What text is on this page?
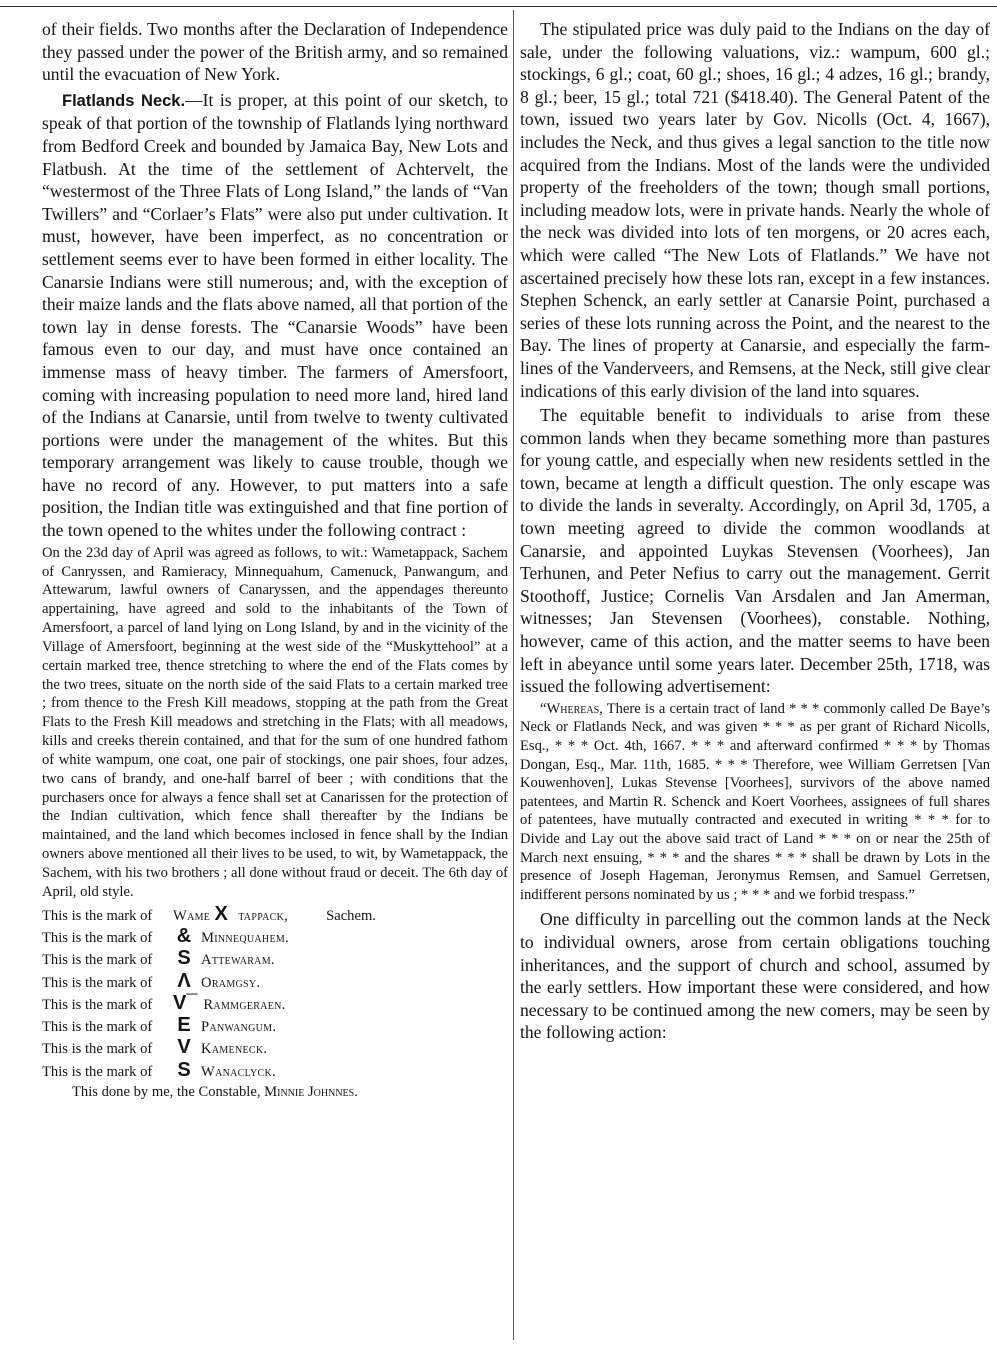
of their fields. Two months after the Declaration of Independence they passed under the power of the British army, and so remained until the evacuation of New York.

Flatlands Neck.—It is proper, at this point of our sketch, to speak of that portion of the township of Flatlands lying northward from Bedford Creek and bounded by Jamaica Bay, New Lots and Flatbush. At the time of the settlement of Achtervelt, the “westermost of the Three Flats of Long Island,” the lands of “Van Twillers” and “Corlaer’s Flats” were also put under cultivation. It must, however, have been imperfect, as no concentration or settlement seems ever to have been formed in either locality. The Canarsie Indians were still numerous; and, with the exception of their maize lands and the flats above named, all that portion of the town lay in dense forests. The “Canarsie Woods” have been famous even to our day, and must have once contained an immense mass of heavy timber. The farmers of Amersfoort, coming with increasing population to need more land, hired land of the Indians at Canarsie, until from twelve to twenty cultivated portions were under the management of the whites. But this temporary arrangement was likely to cause trouble, though we have no record of any. However, to put matters into a safe position, the Indian title was extinguished and that fine portion of the town opened to the whites under the following contract :

On the 23d day of April was agreed as follows, to wit.: Wametappack, Sachem of Canryssen, and Ramieracy, Minnequahum, Camenuck, Panwangum, and Attewarum, lawful owners of Canaryssen, and the appendages thereunto appertaining, have agreed and sold to the inhabitants of the Town of Amersfoort, a parcel of land lying on Long Island, by and in the vicinity of the Village of Amersfoort, beginning at the west side of the “Muskyttehool” at a certain marked tree, thence stretching to where the end of the Flats comes by the two trees, situate on the north side of the said Flats to a certain marked tree ; from thence to the Fresh Kill meadows, stopping at the path from the Great Flats to the Fresh Kill meadows and stretching in the Flats; with all meadows, kills and creeks therein contained, and that for the sum of one hundred fathom of white wampum, one coat, one pair of stockings, one pair shoes, four adzes, two cans of brandy, and one-half barrel of beer ; with conditions that the purchasers once for always a fence shall set at Canarissen for the protection of the Indian cultivation, which fence shall thereafter by the Indians be maintained, and the land which becomes inclosed in fence shall by the Indian owners above mentioned all their lives to be used, to wit, by Wametappack, the Sachem, with his two brothers ; all done without fraud or deceit. The 6th day of April, old style.

This is the mark of	Wame X tappack,	Sachem.
This is the mark of	& Minnequahem.
This is the mark of	S Attewaram.
This is the mark of	Λ Oramgsy.
This is the mark of	V¯ Rammgeraen.
This is the mark of	E Panwangum.
This is the mark of	V Kameneck.
This is the mark of	S Wanaclyck.
This done by me, the Constable, Minnie Johnnes.

The stipulated price was duly paid to the Indians on the day of sale, under the following valuations, viz.: wampum, 600 gl.; stockings, 6 gl.; coat, 60 gl.; shoes, 16 gl.; 4 adzes, 16 gl.; brandy, 8 gl.; beer, 15 gl.; total 721 ($418.40). The General Patent of the town, issued two years later by Gov. Nicolls (Oct. 4, 1667), includes the Neck, and thus gives a legal sanction to the title now acquired from the Indians. Most of the lands were the undivided property of the freeholders of the town; though small portions, including meadow lots, were in private hands. Nearly the whole of the neck was divided into lots of ten morgens, or 20 acres each, which were called “The New Lots of Flatlands.” We have not ascertained precisely how these lots ran, except in a few instances. Stephen Schenck, an early settler at Canarsie Point, purchased a series of these lots running across the Point, and the nearest to the Bay. The lines of property at Canarsie, and especially the farm-lines of the Vanderveers, and Remsens, at the Neck, still give clear indications of this early division of the land into squares.

The equitable benefit to individuals to arise from these common lands when they became something more than pastures for young cattle, and especially when new residents settled in the town, became at length a difficult question. The only escape was to divide the lands in severalty. Accordingly, on April 3d, 1705, a town meeting agreed to divide the common woodlands at Canarsie, and appointed Luykas Stevensen (Voorhees), Jan Terhunen, and Peter Nefius to carry out the management. Gerrit Stoothoff, Justice; Cornelis Van Arsdalen and Jan Amerman, witnesses; Jan Stevensen (Voorhees), constable. Nothing, however, came of this action, and the matter seems to have been left in abeyance until some years later. December 25th, 1718, was issued the following advertisement:

“Whereas, There is a certain tract of land * * * commonly called De Baye’s Neck or Flatlands Neck, and was given * * * as per grant of Richard Nicolls, Esq., * * * Oct. 4th, 1667. * * * and afterward confirmed * * * by Thomas Dongan, Esq., Mar. 11th, 1685. * * * Therefore, wee William Gerretsen [Van Kouwenhoven], Lukas Stevense [Voorhees], survivors of the above named patentees, and Martin R. Schenck and Koert Voorhees, assignees of full shares of patentees, have mutually contracted and executed in writing * * * for to Divide and Lay out the above said tract of Land * * * on or near the 25th of March next ensuing, * * * and the shares * * * shall be drawn by Lots in the presence of Joseph Hageman, Jeronymus Remsen, and Samuel Gerretsen, indifferent persons nominated by us ; * * * and we forbid trespass.”

One difficulty in parcelling out the common lands at the Neck to individual owners, arose from certain obligations touching inheritances, and the support of church and school, assumed by the early settlers. How important these were considered, and how necessary to be continued among the new comers, may be seen by the following action:
